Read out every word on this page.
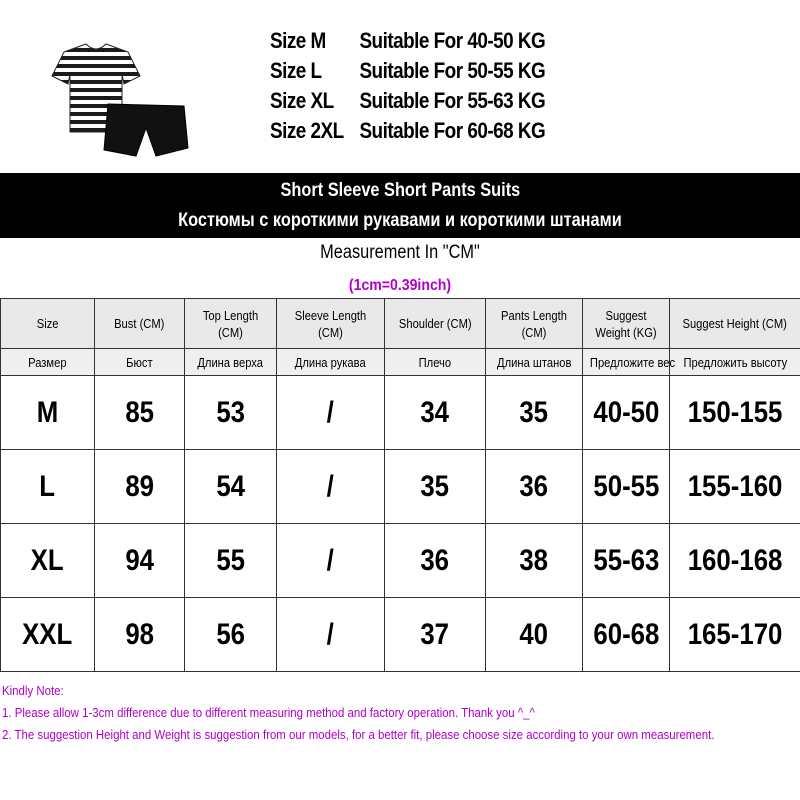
Size M	Suitable For 40-50 KG
Size L	Suitable For 50-55 KG
Size XL	Suitable For 55-63 KG
Size 2XL Suitable For 60-68 KG
Short Sleeve Short Pants Suits
Костюмы с короткими рукавами и короткими штанами
Measurement In "CM"
(1cm=0.39inch)
Size	Bust (CM)	Top Length (CM)	Sleeve Length (CM)	Shoulder (CM)	Pants Length (CM)	Suggest Weight (KG)	Suggest Height (CM)
Размер	Бюст	Длина верха	Длина рукава	Плечо	Длина штанов	Предложите вес	Предложить высоту
M	85	53	/	34	35	40-50	150-155
L	89	54	/	35	36	50-55	155-160
XL	94	55	/	36	38	55-63	160-168
XXL	98	56	/	37	40	60-68	165-170
Kindly Note:
1. Please allow 1-3cm difference due to different measuring method and factory operation. Thank you ^_^
2. The suggestion Height and Weight is suggestion from our models, for a better fit, please choose size according to your own measurement.
